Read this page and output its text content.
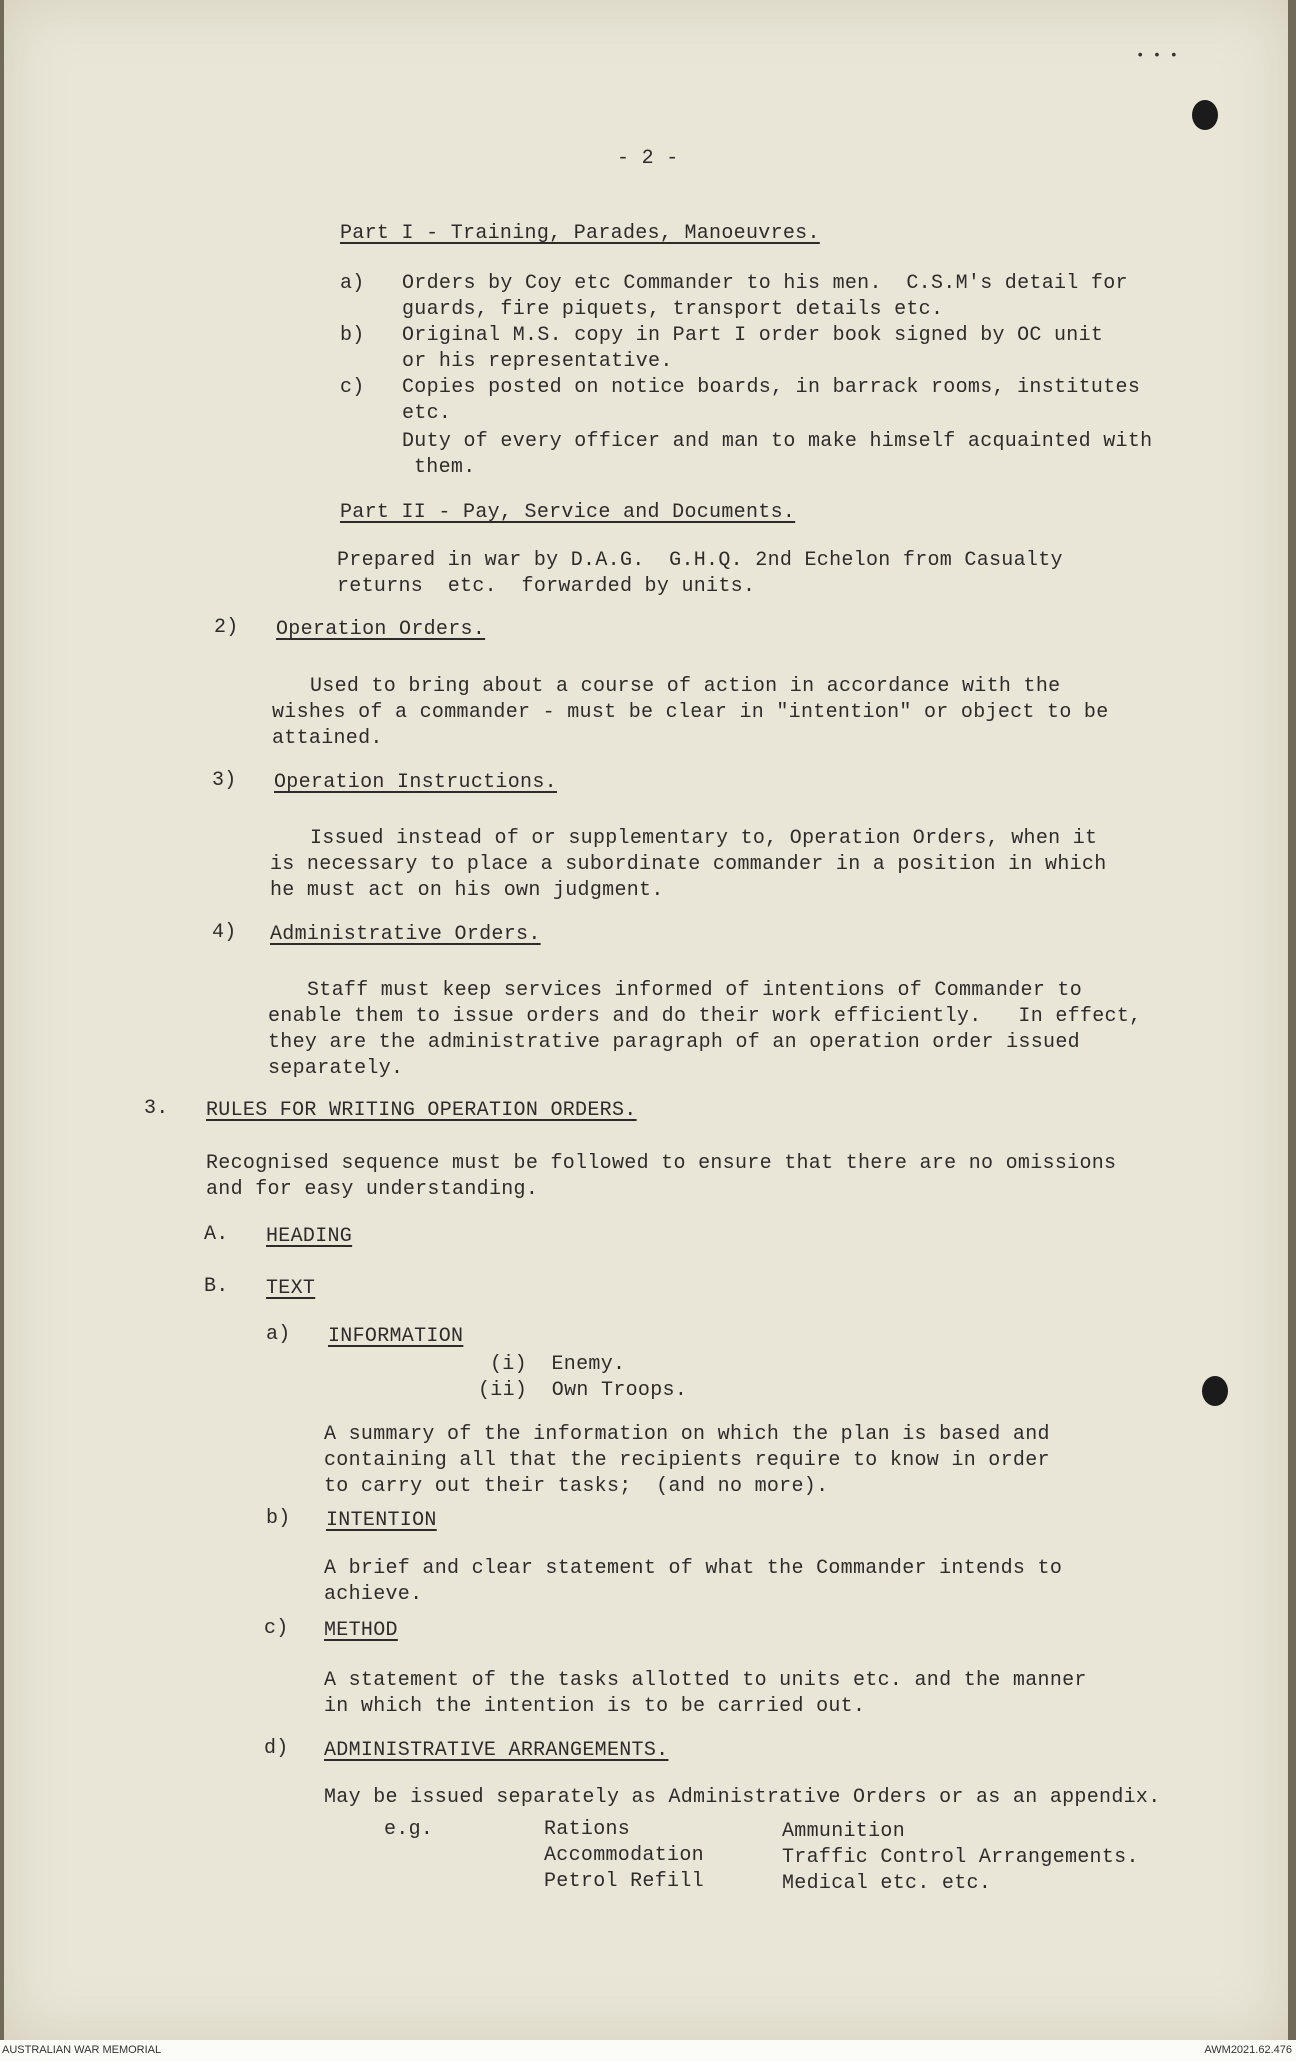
• • •
- 2 -
Part I - Training, Parades, Manoeuvres.
a) Orders by Coy etc Commander to his men.  C.S.M's detail for
guards, fire piquets, transport details etc.
b) Original M.S. copy in Part I order book signed by OC unit
or his representative.
c) Copies posted on notice boards, in barrack rooms, institutes
etc.
Duty of every officer and man to make himself acquainted with
them.
Part II - Pay, Service and Documents.
Prepared in war by D.A.G.  G.H.Q. 2nd Echelon from Casualty
returns  etc.  forwarded by units.
2) Operation Orders.
Used to bring about a course of action in accordance with the
wishes of a commander - must be clear in "intention" or object to be
attained.
3) Operation Instructions.
Issued instead of or supplementary to, Operation Orders, when it
is necessary to place a subordinate commander in a position in which
he must act on his own judgment.
4) Administrative Orders.
Staff must keep services informed of intentions of Commander to
enable them to issue orders and do their work efficiently.   In effect,
they are the administrative paragraph of an operation order issued
separately.
3. RULES FOR WRITING OPERATION ORDERS.
Recognised sequence must be followed to ensure that there are no omissions
and for easy understanding.
A. HEADING
B. TEXT
a) INFORMATION
(i)  Enemy.
(ii)  Own Troops.
A summary of the information on which the plan is based and
containing all that the recipients require to know in order
to carry out their tasks;  (and no more).
b) INTENTION
A brief and clear statement of what the Commander intends to
achieve.
c) METHOD
A statement of the tasks allotted to units etc. and the manner
in which the intention is to be carried out.
d) ADMINISTRATIVE ARRANGEMENTS.
May be issued separately as Administrative Orders or as an appendix.
e.g.	Rations
Accommodation
Petrol Refill
Ammunition
Traffic Control Arrangements.
Medical etc. etc.
AUSTRALIAN WAR MEMORIAL	AWM2021.62.476
